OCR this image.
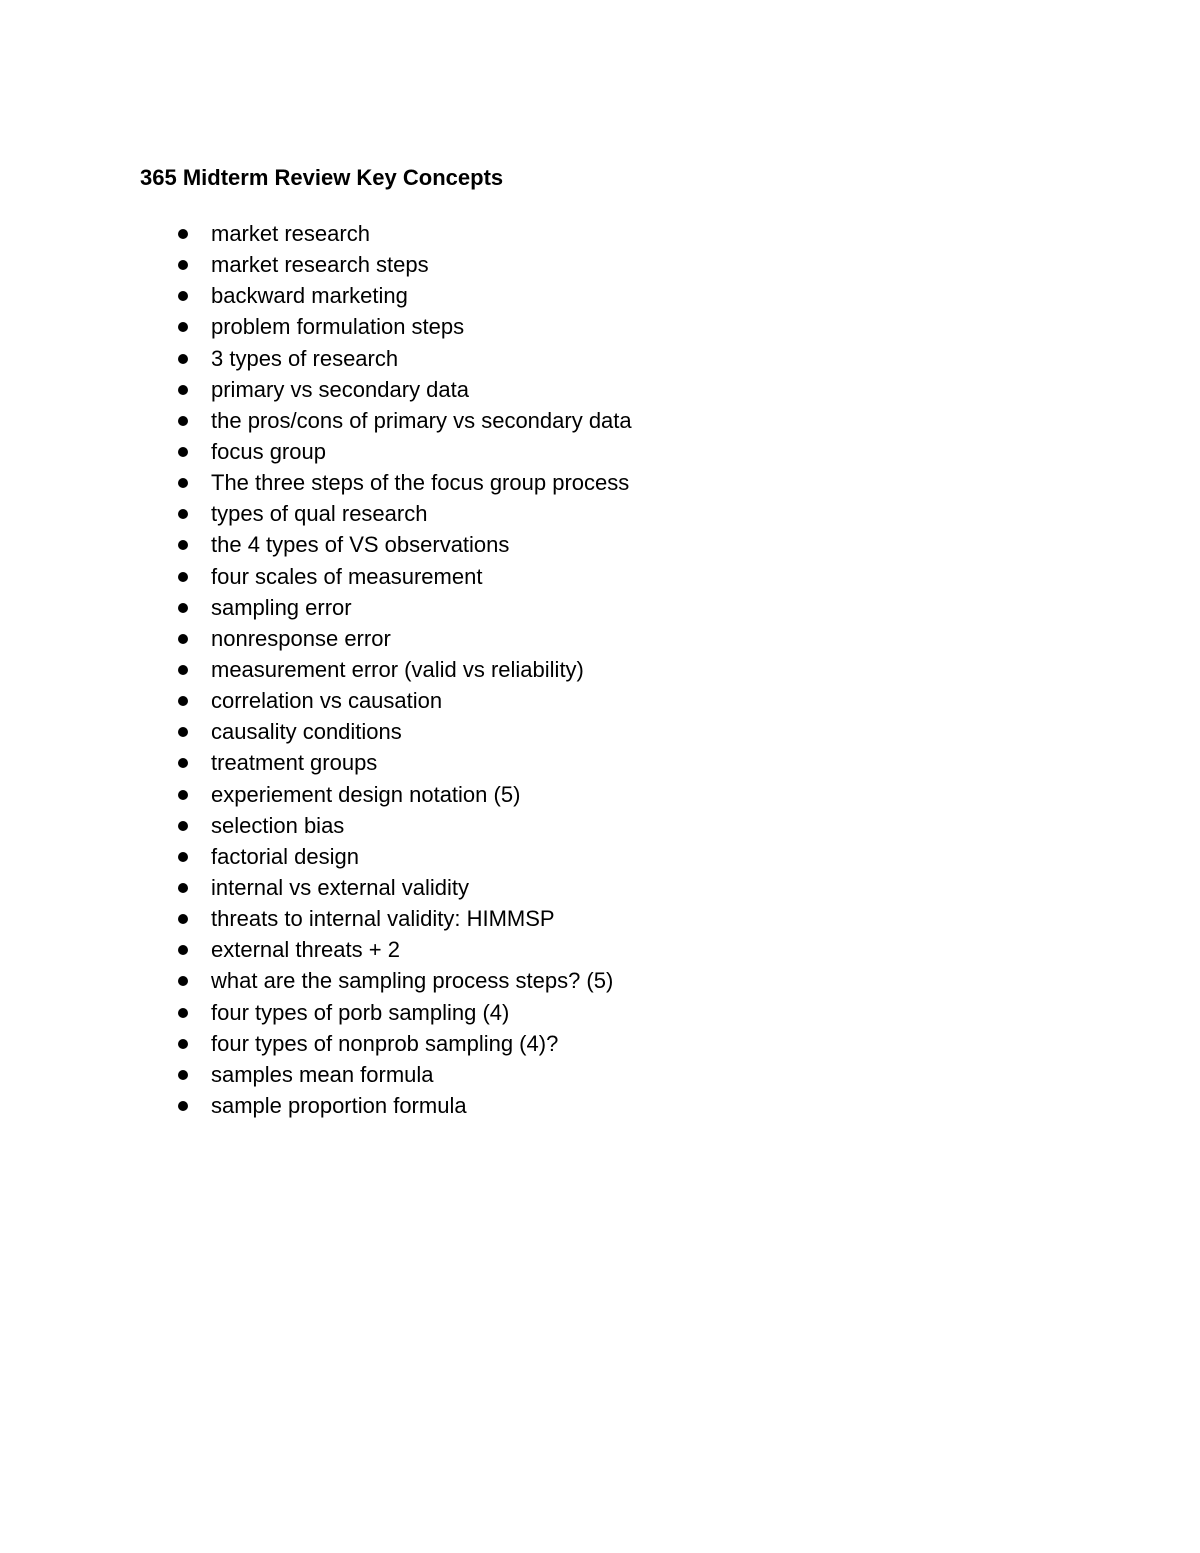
365 Midterm Review Key Concepts
market research
market research steps
backward marketing
problem formulation steps
3 types of research
primary vs secondary data
the pros/cons of primary vs secondary data
focus group
The three steps of the focus group process
types of qual research
the 4 types of VS observations
four scales of measurement
sampling error
nonresponse error
measurement error (valid vs reliability)
correlation vs causation
causality conditions
treatment groups
experiement design notation (5)
selection bias
factorial design
internal vs external validity
threats to internal validity: HIMMSP
external threats + 2
what are the sampling process steps? (5)
four types of porb sampling (4)
four types of nonprob sampling (4)?
samples mean formula
sample proportion formula
